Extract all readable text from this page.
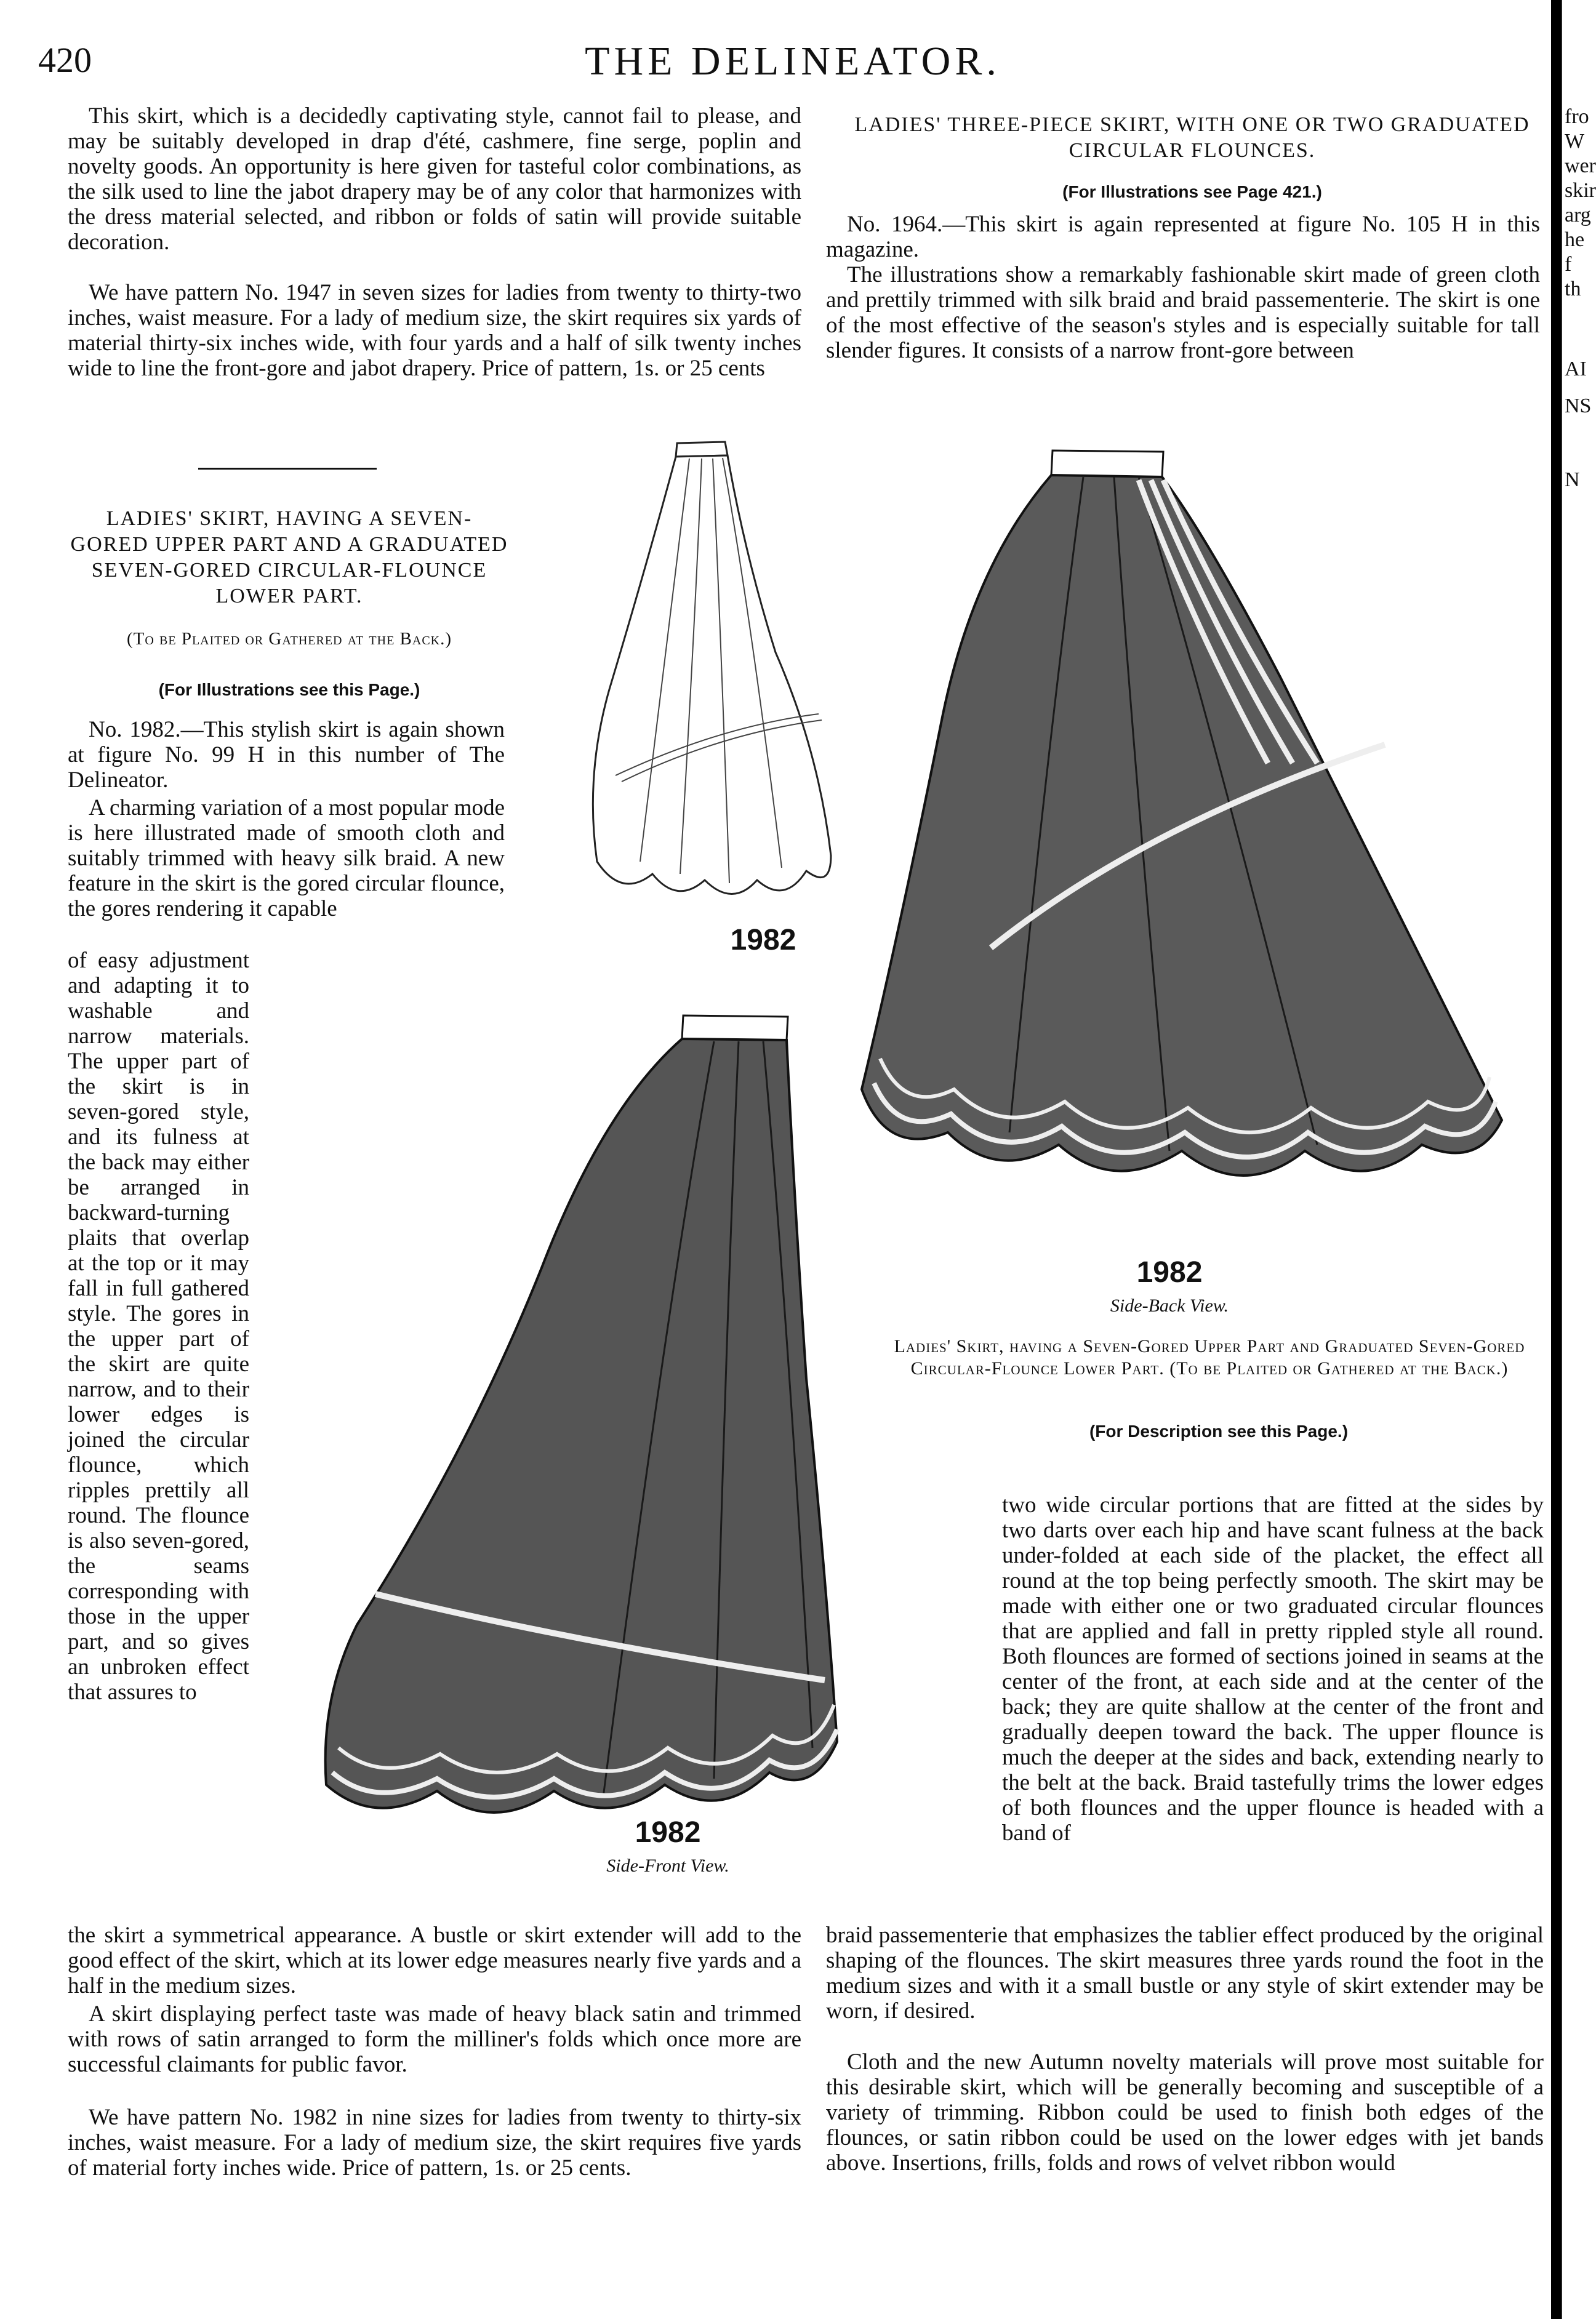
420	THE DELINEATOR.

This skirt, which is a decidedly captivating style, cannot fail to please, and may be suitably developed in drap d'été, cashmere, fine serge, poplin and novelty goods. An opportunity is here given for tasteful color combinations, as the silk used to line the jabot drapery may be of any color that harmonizes with the dress material selected, and ribbon or folds of satin will provide suitable decoration.

We have pattern No. 1947 in seven sizes for ladies from twenty to thirty-two inches, waist measure. For a lady of medium size, the skirt requires six yards of material thirty-six inches wide, with four yards and a half of silk twenty inches wide to line the front-gore and jabot drapery. Price of pattern, 1s. or 25 cents

LADIES' SKIRT, HAVING A SEVEN-GORED UPPER PART AND A GRADUATED SEVEN-GORED CIRCULAR-FLOUNCE LOWER PART.

(To be Plaited or Gathered at the Back.)

(For Illustrations see this Page.)

No. 1982.—This stylish skirt is again shown at figure No. 99 H in this number of The Delineator.

A charming variation of a most popular mode is here illustrated made of smooth cloth and suitably trimmed with heavy silk braid. A new feature in the skirt is the gored circular flounce, the gores rendering it capable

of easy adjustment and adapting it to washable and narrow materials. The upper part of the skirt is in seven-gored style, and its fulness at the back may either be arranged in backward-turning plaits that overlap at the top or it may fall in full gathered style. The gores in the upper part of the skirt are quite narrow, and to their lower edges is joined the circular flounce, which ripples prettily all round. The flounce is also seven-gored, the seams corresponding with those in the upper part, and so gives an unbroken effect that assures to

the skirt a symmetrical appearance. A bustle or skirt extender will add to the good effect of the skirt, which at its lower edge measures nearly five yards and a half in the medium sizes.

A skirt displaying perfect taste was made of heavy black satin and trimmed with rows of satin arranged to form the milliner's folds which once more are successful claimants for public favor.

We have pattern No. 1982 in nine sizes for ladies from twenty to thirty-six inches, waist measure. For a lady of medium size, the skirt requires five yards of material forty inches wide. Price of pattern, 1s. or 25 cents.

LADIES' THREE-PIECE SKIRT, WITH ONE OR TWO GRADUATED CIRCULAR FLOUNCES.

(For Illustrations see Page 421.)

No. 1964.—This skirt is again represented at figure No. 105 H in this magazine.

The illustrations show a remarkably fashionable skirt made of green cloth and prettily trimmed with silk braid and braid passementerie. The skirt is one of the most effective of the season's styles and is especially suitable for tall slender figures. It consists of a narrow front-gore between

1982
1982
Side-Front View.
1982
Side-Back View.
Ladies' Skirt, having a Seven-Gored Upper Part and Graduated Seven-Gored Circular-Flounce Lower Part. (To be Plaited or Gathered at the Back.)
(For Description see this Page.)

two wide circular portions that are fitted at the sides by two darts over each hip and have scant fulness at the back under-folded at each side of the placket, the effect all round at the top being perfectly smooth. The skirt may be made with either one or two graduated circular flounces that are applied and fall in pretty rippled style all round. Both flounces are formed of sections joined in seams at the center of the front, at each side and at the center of the back; they are quite shallow at the center of the front and gradually deepen toward the back. The upper flounce is much the deeper at the sides and back, extending nearly to the belt at the back. Braid tastefully trims the lower edges of both flounces and the upper flounce is headed with a band of

braid passementerie that emphasizes the tablier effect produced by the original shaping of the flounces. The skirt measures three yards round the foot in the medium sizes and with it a small bustle or any style of skirt extender may be worn, if desired.

Cloth and the new Autumn novelty materials will prove most suitable for this desirable skirt, which will be generally becoming and susceptible of a variety of trimming. Ribbon could be used to finish both edges of the flounces, or satin ribbon could be used on the lower edges with jet bands above. Insertions, frills, folds and rows of velvet ribbon would

fro
W
wer
skir
arg
he
f th
AI
NS
N
